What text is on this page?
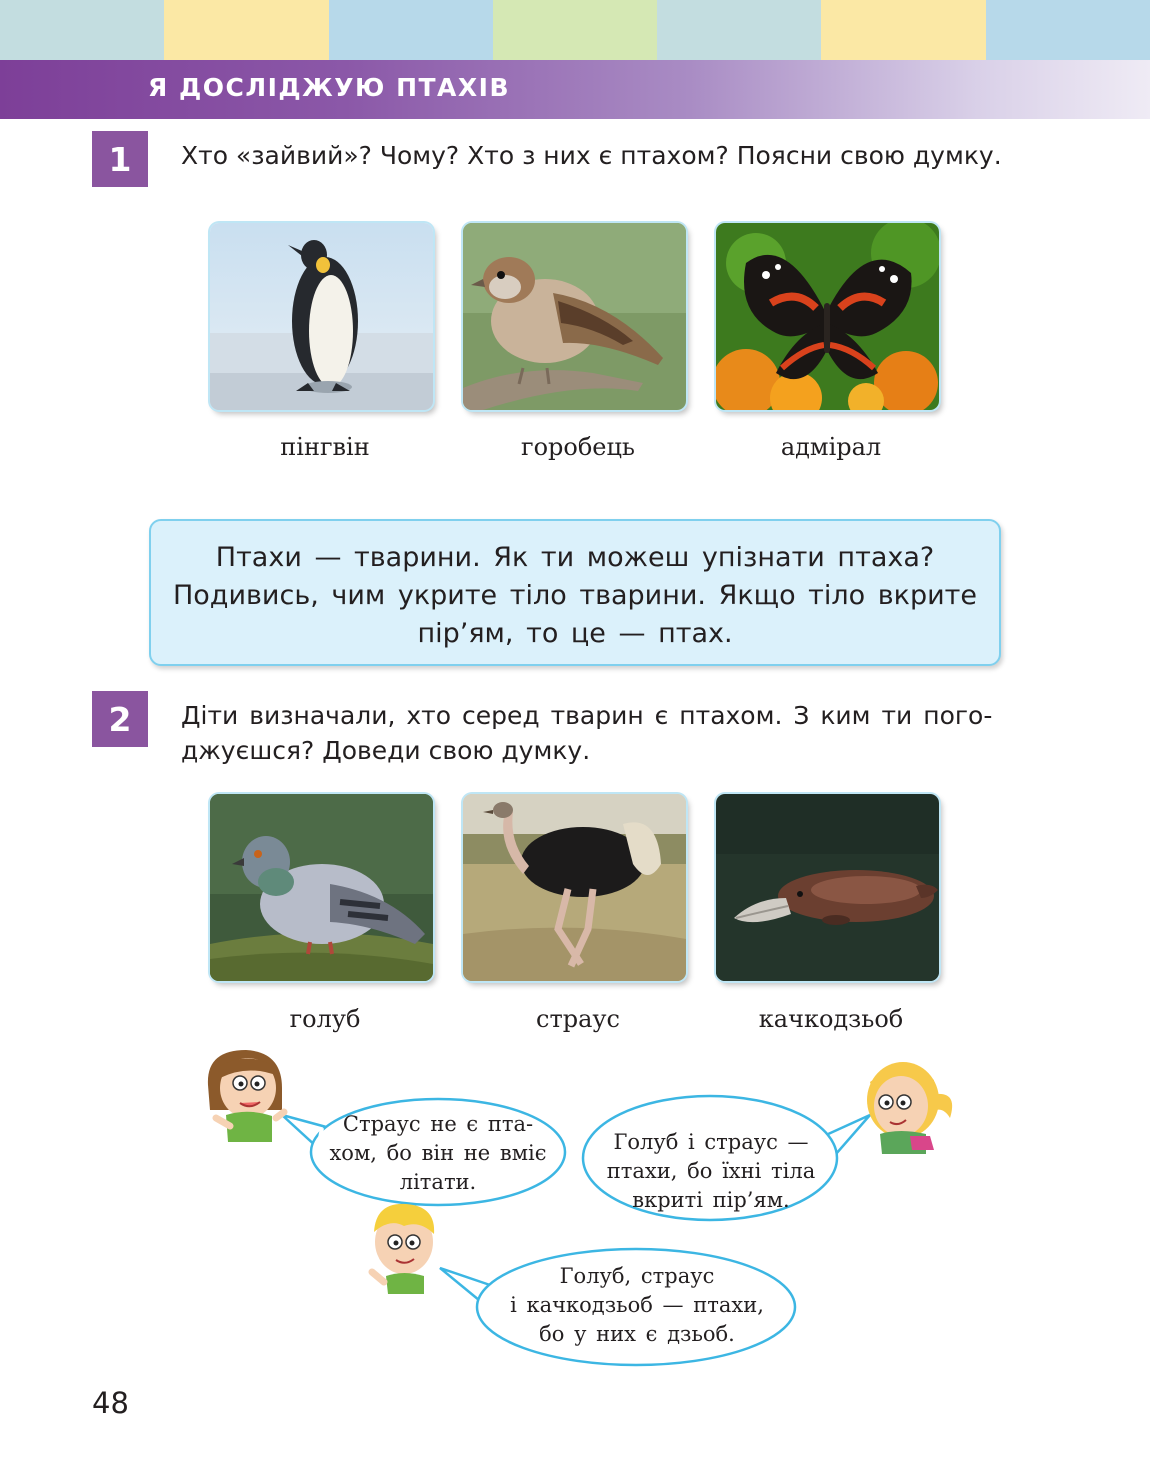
Я ДОСЛІДЖУЮ ПТАХІВ
1	Хто «зайвий»? Чому? Хто з них є птахом? Поясни свою думку.
пінгвін	горобець	адмірал
Птахи — тварини. Як ти можеш упізнати птаха?
Подивись, чим укрите тіло тварини. Якщо тіло вкрите
пір’ям, то це — птах.
2	Діти визначали, хто серед тварин є птахом. З ким ти пого-
джуєшся? Доведи свою думку.
голуб	страус	качкодзьоб
Страус не є пта-
хом, бо він не вміє
літати.
Голуб і страус —
птахи, бо їхні тіла
вкриті пір’ям.
Голуб, страус
і качкодзьоб — птахи,
бо у них є дзьоб.
48
